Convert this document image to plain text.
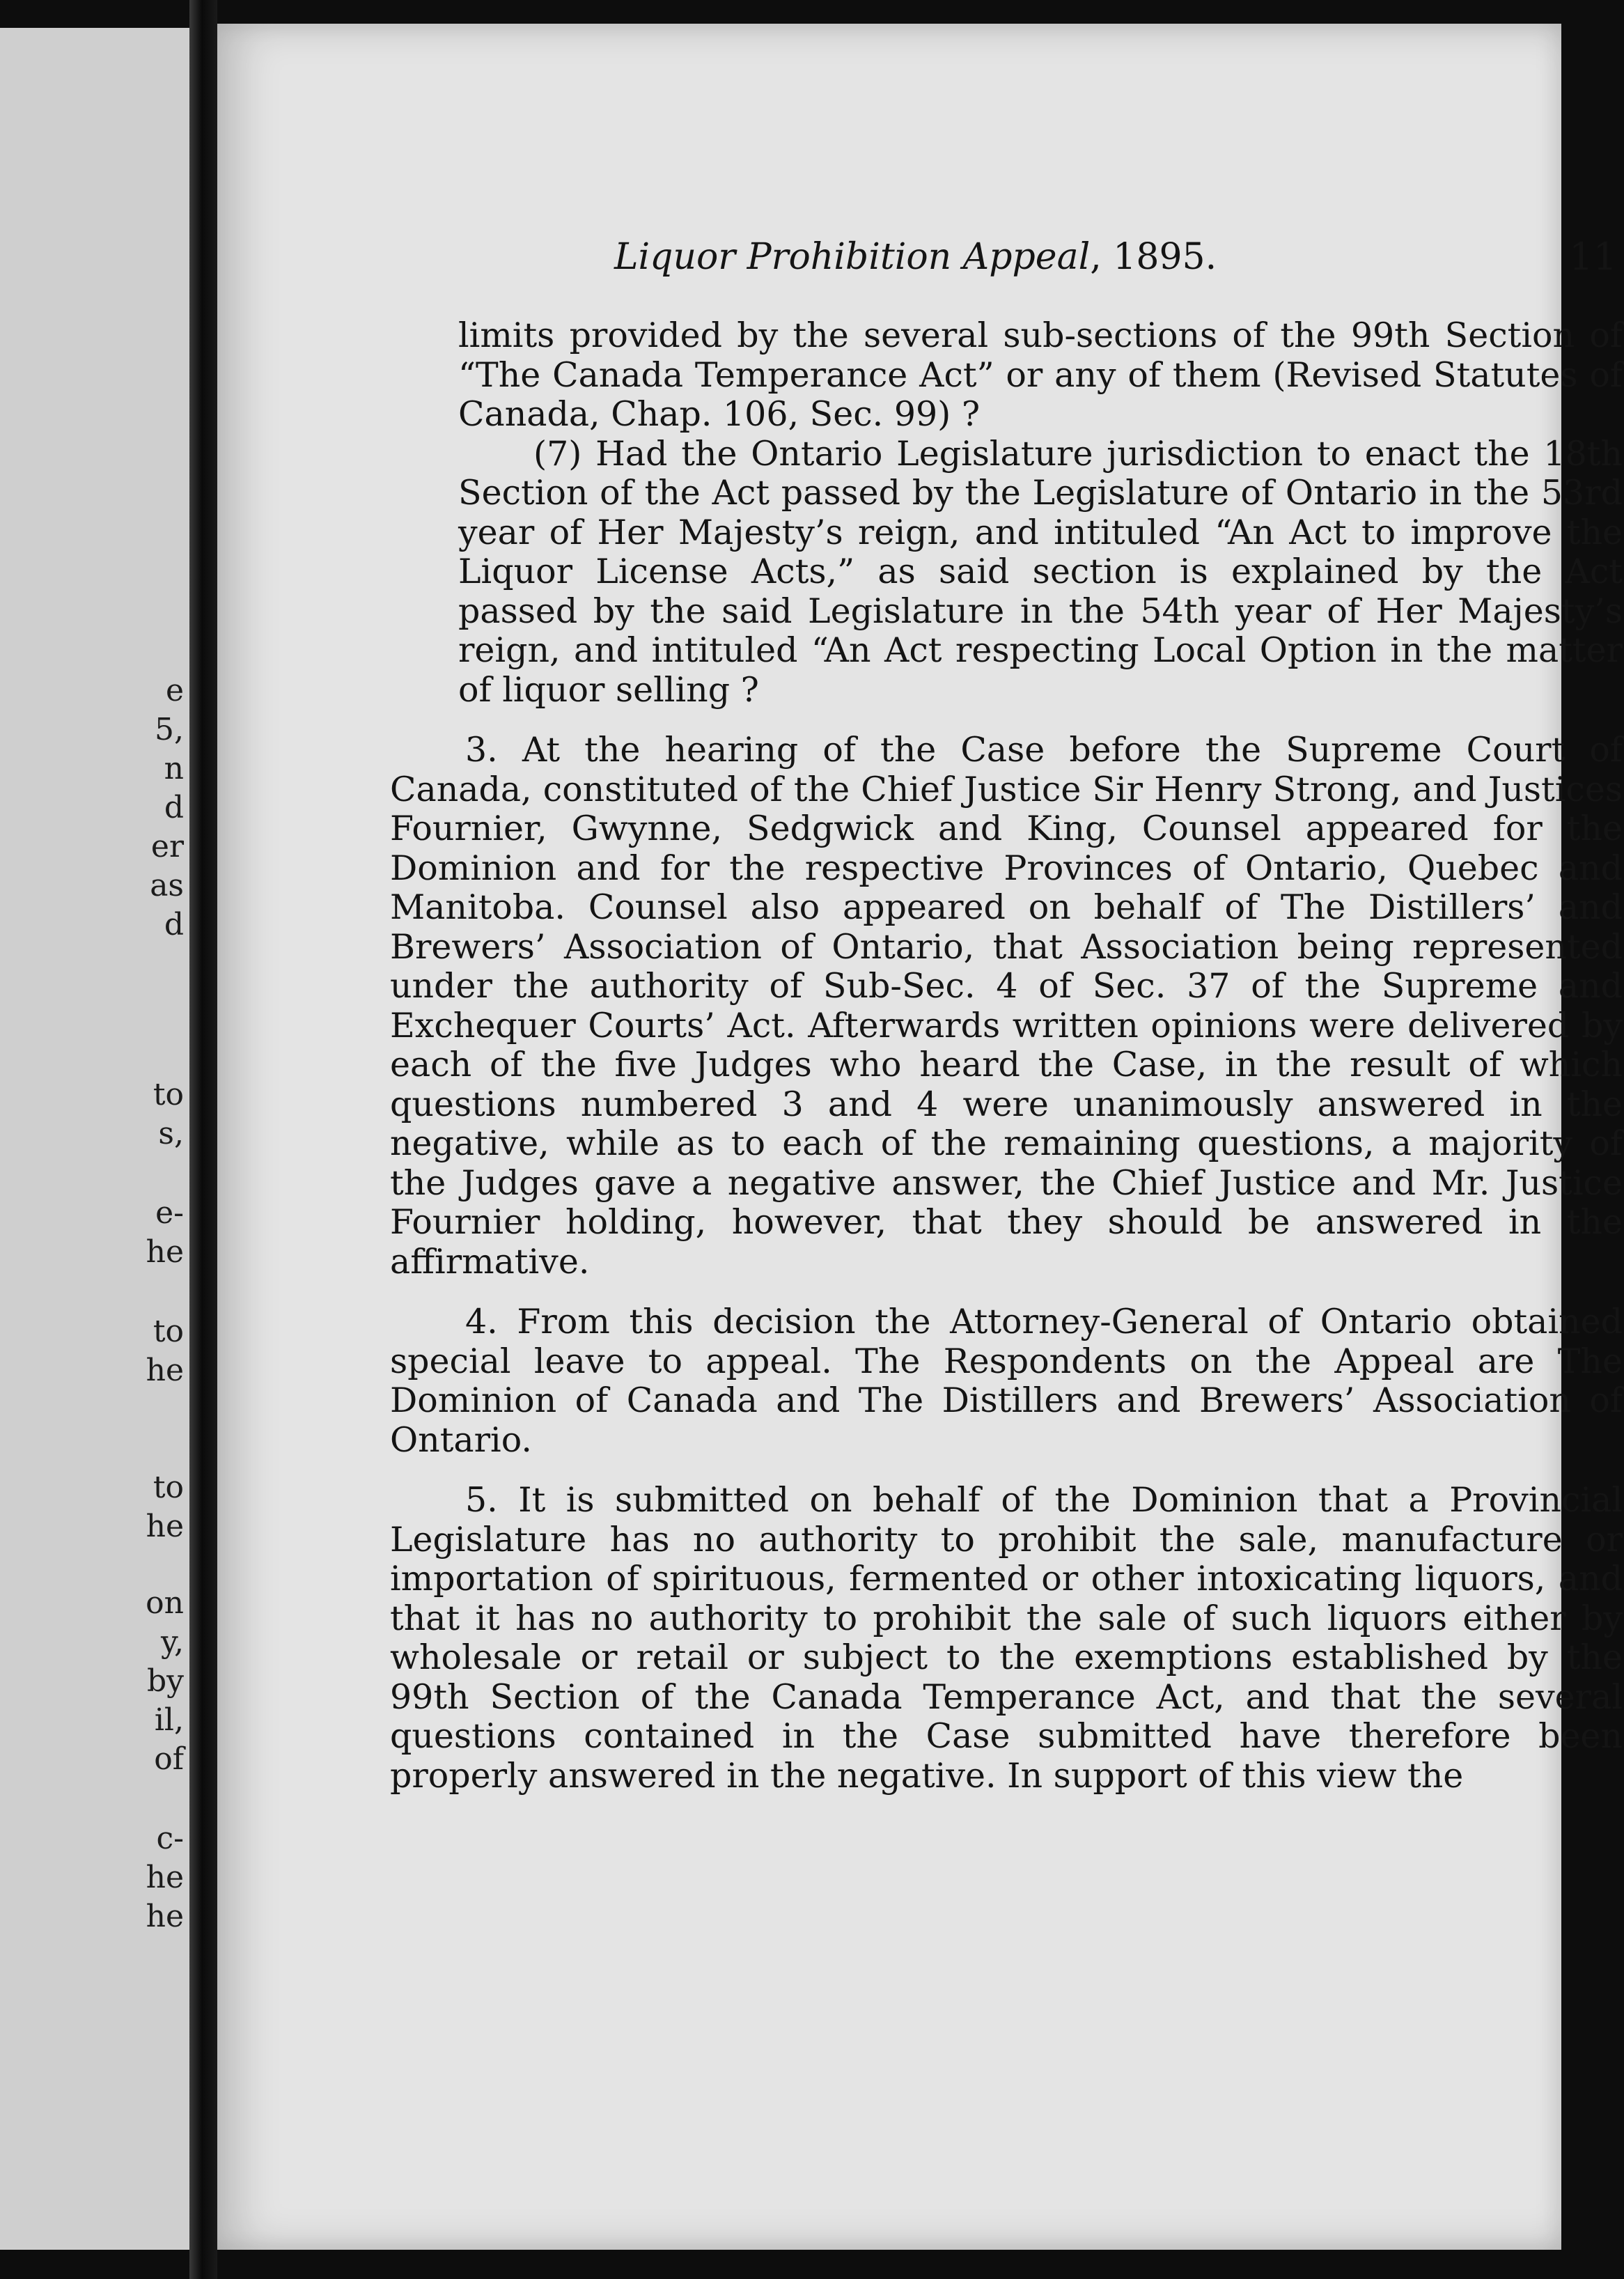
e
5,
n
d
er
as
d
to
s,
e-
he
to
he
to
he
on
y,
by
il,
of
c-
he
he
Liquor Prohibition Appeal, 1895.	11

limits provided by the several sub-sections of the 99th Section of “The Canada Temperance Act” or any of them (Revised Statutes of Canada, Chap. 106, Sec. 99) ?

(7) Had the Ontario Legislature jurisdiction to enact the 18th Section of the Act passed by the Legislature of Ontario in the 53rd year of Her Majesty’s reign, and intituled “An Act to improve the Liquor License Acts,” as said section is explained by the Act passed by the said Legislature in the 54th year of Her Majesty’s reign, and intituled “An Act respecting Local Option in the matter of liquor selling ?

3. At the hearing of the Case before the Supreme Court of Canada, constituted of the Chief Justice Sir Henry Strong, and Justices Fournier, Gwynne, Sedgwick and King, Counsel appeared for the Dominion and for the respective Provinces of Ontario, Quebec and Manitoba. Counsel also appeared on behalf of The Distillers’ and Brewers’ Association of Ontario, that Association being represented under the authority of Sub-Sec. 4 of Sec. 37 of the Supreme and Exchequer Courts’ Act. Afterwards written opinions were delivered by each of the five Judges who heard the Case, in the result of which questions numbered 3 and 4 were unanimously answered in the negative, while as to each of the remaining questions, a majority of the Judges gave a negative answer, the Chief Justice and Mr. Justice Fournier holding, however, that they should be answered in the affirmative.

4. From this decision the Attorney-General of Ontario obtained special leave to appeal. The Respondents on the Appeal are The Dominion of Canada and The Distillers and Brewers’ Association of Ontario.

5. It is submitted on behalf of the Dominion that a Provincial Legislature has no authority to prohibit the sale, manufacture or importation of spirituous, fermented or other intoxicating liquors, and that it has no authority to prohibit the sale of such liquors either by wholesale or retail or subject to the exemptions established by the 99th Section of the Canada Temperance Act, and that the several questions contained in the Case submitted have therefore been properly answered in the negative. In support of this view the
